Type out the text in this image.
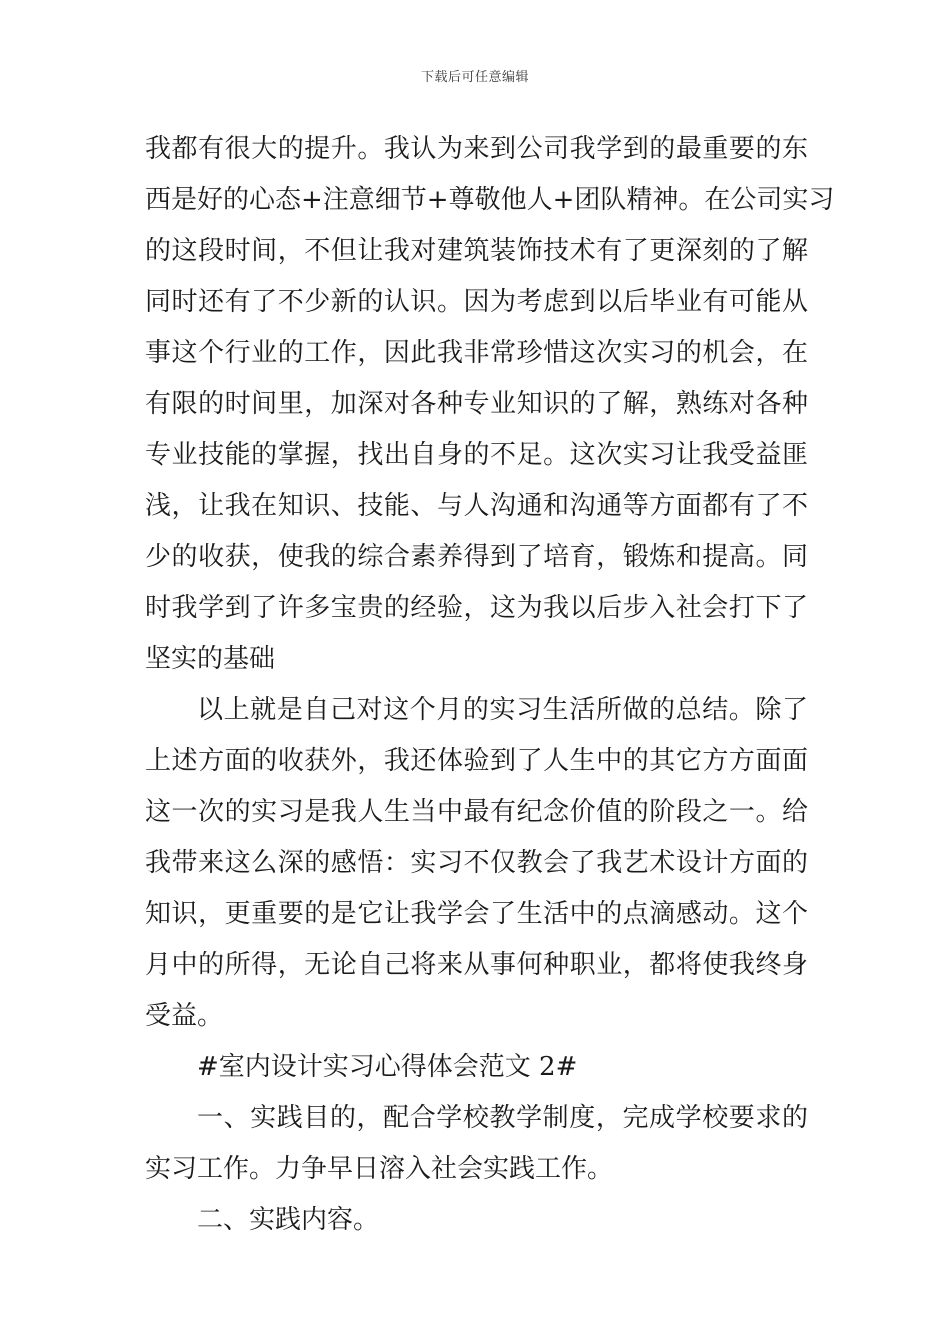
下载后可任意编辑
我都有很大的提升。我认为来到公司我学到的最重要的东
西是好的心态+注意细节+尊敬他人+团队精神。在公司实习
的这段时间，不但让我对建筑装饰技术有了更深刻的了解
同时还有了不少新的认识。因为考虑到以后毕业有可能从
事这个行业的工作，因此我非常珍惜这次实习的机会，在
有限的时间里，加深对各种专业知识的了解，熟练对各种
专业技能的掌握，找出自身的不足。这次实习让我受益匪
浅，让我在知识、技能、与人沟通和沟通等方面都有了不
少的收获，使我的综合素养得到了培育，锻炼和提高。同
时我学到了许多宝贵的经验，这为我以后步入社会打下了
坚实的基础
以上就是自己对这个月的实习生活所做的总结。除了
上述方面的收获外，我还体验到了人生中的其它方方面面
这一次的实习是我人生当中最有纪念价值的阶段之一。给
我带来这么深的感悟：实习不仅教会了我艺术设计方面的
知识，更重要的是它让我学会了生活中的点滴感动。这个
月中的所得，无论自己将来从事何种职业，都将使我终身
受益。
#室内设计实习心得体会范文 2#
一、实践目的，配合学校教学制度，完成学校要求的
实习工作。力争早日溶入社会实践工作。
二、实践内容。
